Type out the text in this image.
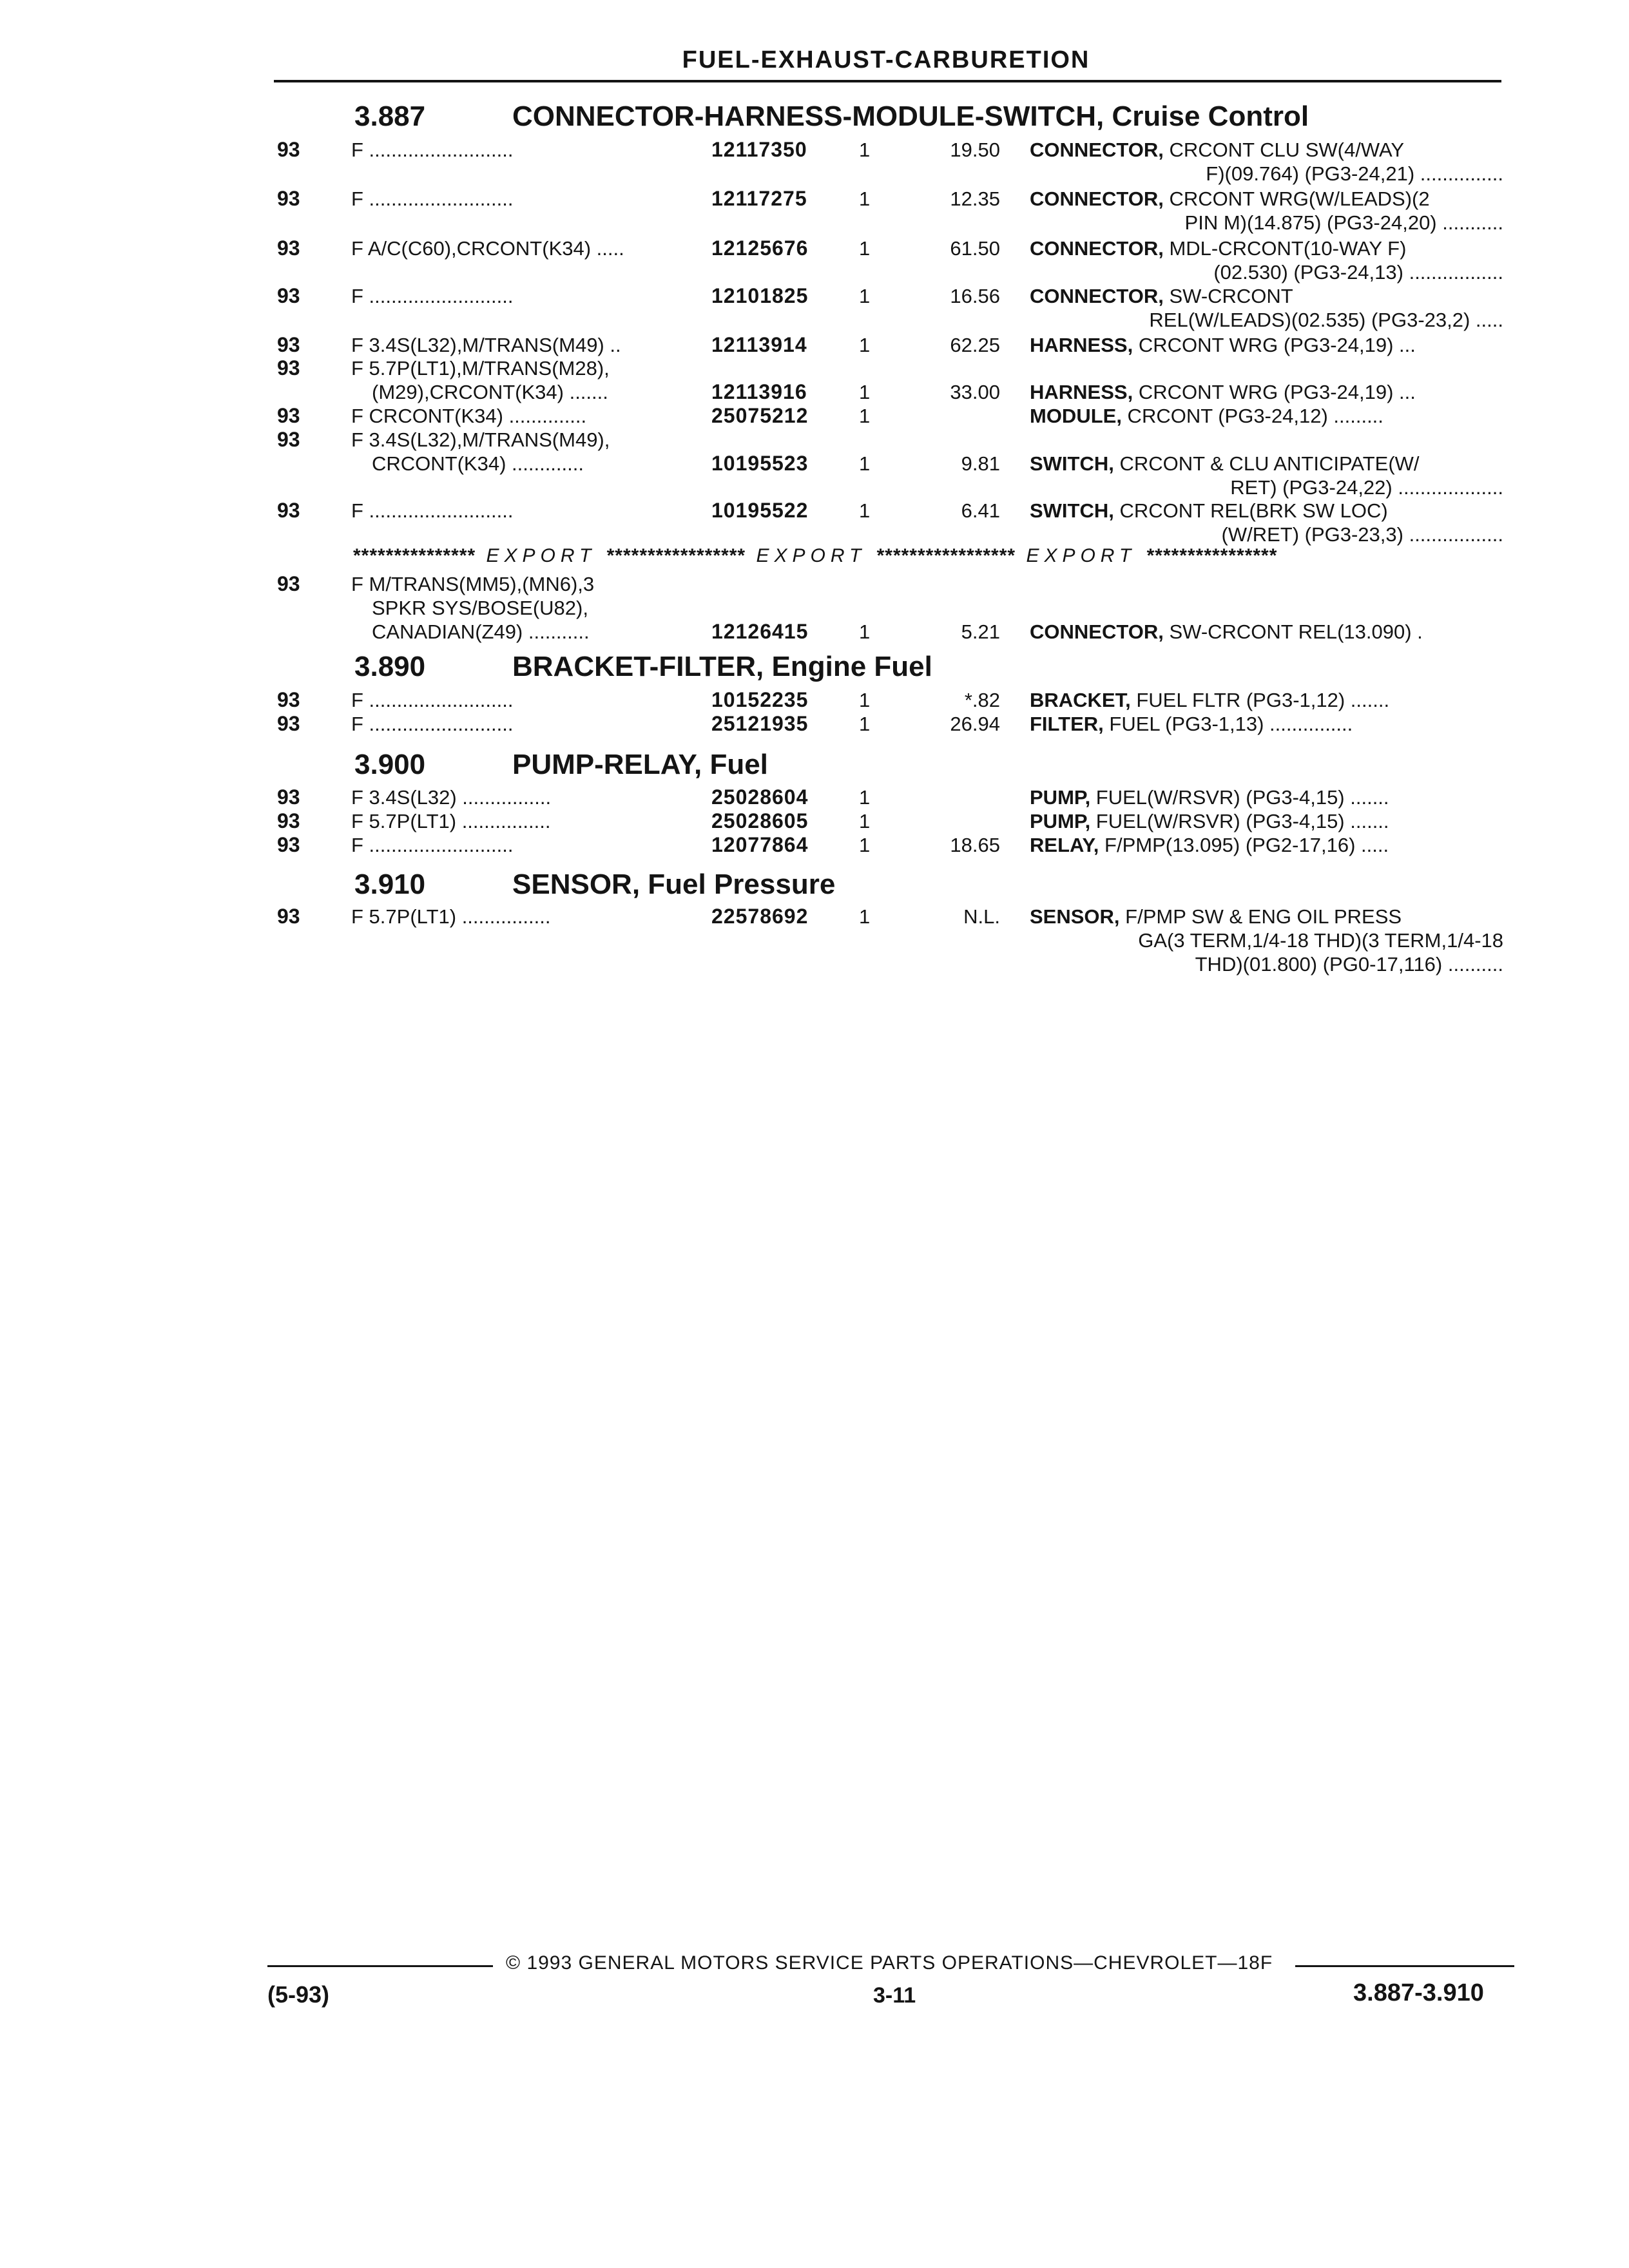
FUEL-EXHAUST-CARBURETION
3.887	CONNECTOR-HARNESS-MODULE-SWITCH, Cruise Control
93	F ..........................	12117350	1	19.50 CONNECTOR, CRCONT CLU SW(4/WAY
F)(09.764) (PG3-24,21) ...............
93	F ..........................	12117275	1	12.35 CONNECTOR, CRCONT WRG(W/LEADS)(2
PIN M)(14.875) (PG3-24,20) ...........
93	F A/C(C60),CRCONT(K34) .....	12125676	1	61.50 CONNECTOR, MDL-CRCONT(10-WAY F)
(02.530) (PG3-24,13) .................
93	F ..........................	12101825	1	16.56 CONNECTOR, SW-CRCONT
REL(W/LEADS)(02.535) (PG3-23,2) .....
93	F 3.4S(L32),M/TRANS(M49) ..	12113914	1	62.25 HARNESS, CRCONT WRG (PG3-24,19) ...
93	F 5.7P(LT1),M/TRANS(M28),
(M29),CRCONT(K34) .......	12113916	1	33.00 HARNESS, CRCONT WRG (PG3-24,19) ...
93	F CRCONT(K34) ..............	25075212	1	MODULE, CRCONT (PG3-24,12) .........
93	F 3.4S(L32),M/TRANS(M49),
CRCONT(K34) .............	10195523	1	9.81 SWITCH, CRCONT & CLU ANTICIPATE(W/
RET) (PG3-24,22) ...................
93	F ..........................	10195522	1	6.41 SWITCH, CRCONT REL(BRK SW LOC)
(W/RET) (PG3-23,3) .................
*************** EXPORT ***************** EXPORT ***************** EXPORT ****************
93	F M/TRANS(MM5),(MN6),3
SPKR SYS/BOSE(U82),
CANADIAN(Z49) ...........	12126415	1	5.21 CONNECTOR, SW-CRCONT REL(13.090) .
3.890	BRACKET-FILTER, Engine Fuel
93	F ..........................	10152235	1	*.82 BRACKET, FUEL FLTR (PG3-1,12) .......
93	F ..........................	25121935	1	26.94 FILTER, FUEL (PG3-1,13) ...............
3.900	PUMP-RELAY, Fuel
93	F 3.4S(L32) ................	25028604	1	PUMP, FUEL(W/RSVR) (PG3-4,15) .......
93	F 5.7P(LT1) ................	25028605	1	PUMP, FUEL(W/RSVR) (PG3-4,15) .......
93	F ..........................	12077864	1	18.65 RELAY, F/PMP(13.095) (PG2-17,16) .....
3.910	SENSOR, Fuel Pressure
93	F 5.7P(LT1) ................	22578692	1	N.L. SENSOR, F/PMP SW & ENG OIL PRESS
GA(3 TERM,1/4-18 THD)(3 TERM,1/4-18
THD)(01.800) (PG0-17,116) ..........
© 1993 GENERAL MOTORS SERVICE PARTS OPERATIONS—CHEVROLET—18F
(5-93)	3-11	3.887-3.910
